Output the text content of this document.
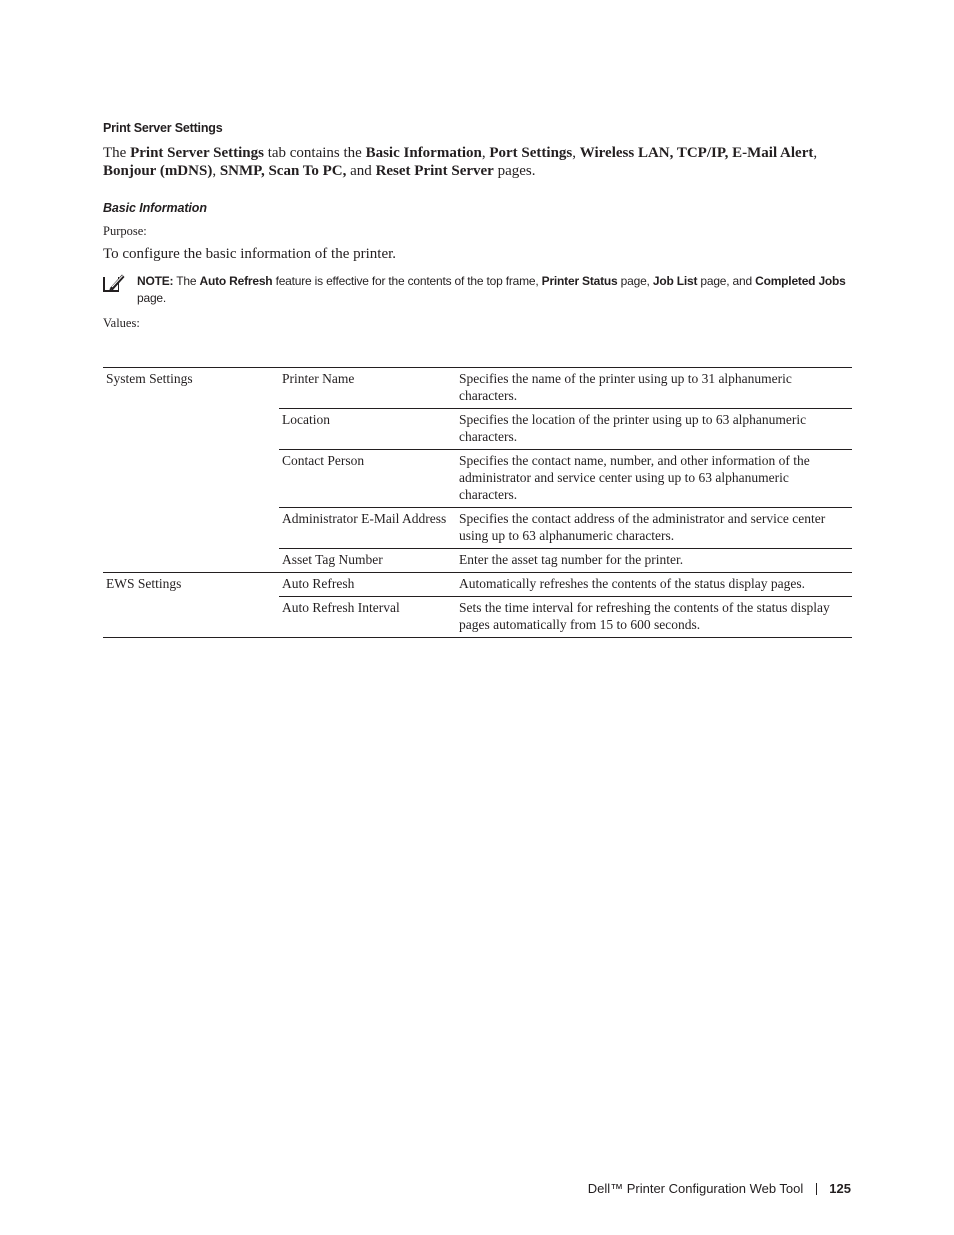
Print Server Settings

The Print Server Settings tab contains the Basic Information, Port Settings, Wireless LAN, TCP/IP, E-Mail Alert, Bonjour (mDNS), SNMP, Scan To PC, and Reset Print Server pages.

Basic Information
Purpose:
To configure the basic information of the printer.
NOTE: The Auto Refresh feature is effective for the contents of the top frame, Printer Status page, Job List page, and Completed Jobs page.
Values:
System Settings	Printer Name	Specifies the name of the printer using up to 31 alphanumeric characters.
	Location	Specifies the location of the printer using up to 63 alphanumeric characters.
	Contact Person	Specifies the contact name, number, and other information of the administrator and service center using up to 63 alphanumeric characters.
	Administrator E-Mail Address	Specifies the contact address of the administrator and service center using up to 63 alphanumeric characters.
	Asset Tag Number	Enter the asset tag number for the printer.
EWS Settings	Auto Refresh	Automatically refreshes the contents of the status display pages.
	Auto Refresh Interval	Sets the time interval for refreshing the contents of the status display pages automatically from 15 to 600 seconds.
Dell™ Printer Configuration Web Tool 125
